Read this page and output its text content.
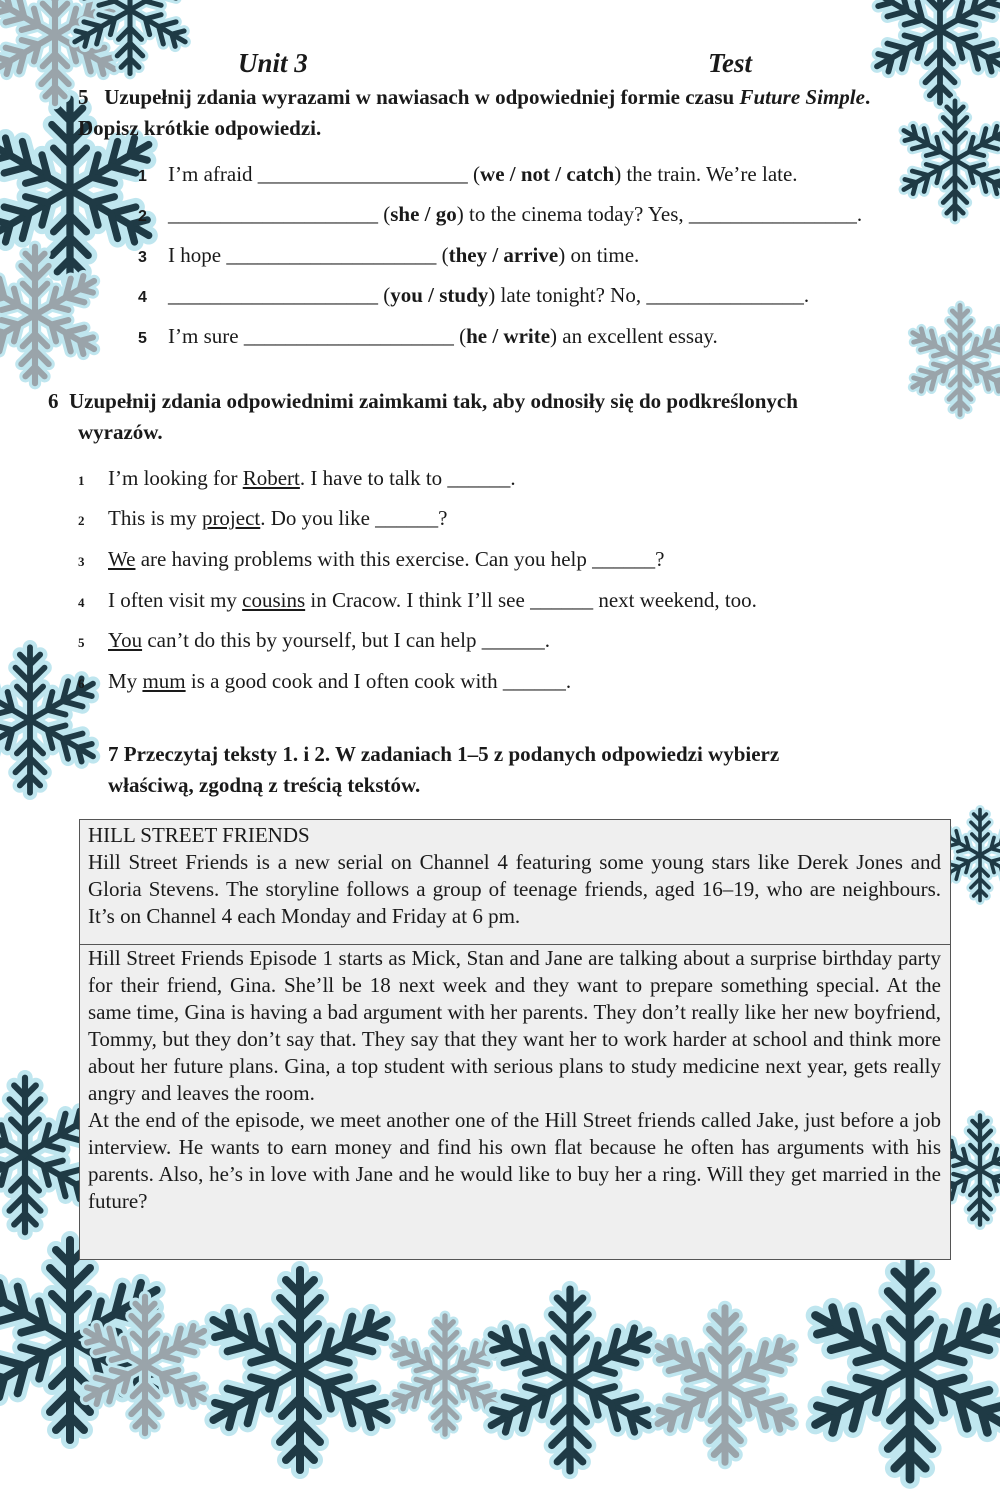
Unit 3	Test
5 Uzupełnij zdania wyrazami w nawiasach w odpowiedniej formie czasu Future Simple. Dopisz krótkie odpowiedzi.
1 I’m afraid ____________________ (we / not / catch) the train. We’re late.
2 ____________________ (she / go) to the cinema today? Yes, ________________.
3 I hope ____________________ (they / arrive) on time.
4 ____________________ (you / study) late tonight? No, _______________.
5 I’m sure ____________________ (he / write) an excellent essay.
6 Uzupełnij zdania odpowiednimi zaimkami tak, aby odnosiły się do podkreślonych
wyrazów.
1 I’m looking for Robert. I have to talk to ______.
2 This is my project. Do you like ______?
3 We are having problems with this exercise. Can you help ______?
4 I often visit my cousins in Cracow. I think I’ll see ______ next weekend, too.
5 You can’t do this by yourself, but I can help ______.
6 My mum is a good cook and I often cook with ______.
7 Przeczytaj teksty 1. i 2. W zadaniach 1–5 z podanych odpowiedzi wybierz
właściwą, zgodną z treścią tekstów.
HILL STREET FRIENDS
Hill Street Friends is a new serial on Channel 4 featuring some young stars like Derek Jones and Gloria Stevens. The storyline follows a group of teenage friends, aged 16–19, who are neighbours. It’s on Channel 4 each Monday and Friday at 6 pm.
Hill Street Friends Episode 1 starts as Mick, Stan and Jane are talking about a surprise birthday party for their friend, Gina. She’ll be 18 next week and they want to prepare something special. At the same time, Gina is having a bad argument with her parents. They don’t really like her new boyfriend, Tommy, but they don’t say that. They say that they want her to work harder at school and think more about her future plans. Gina, a top student with serious plans to study medicine next year, gets really angry and leaves the room.
At the end of the episode, we meet another one of the Hill Street friends called Jake, just before a job interview. He wants to earn money and find his own flat because he often has arguments with his parents. Also, he’s in love with Jane and he would like to buy her a ring. Will they get married in the future?
